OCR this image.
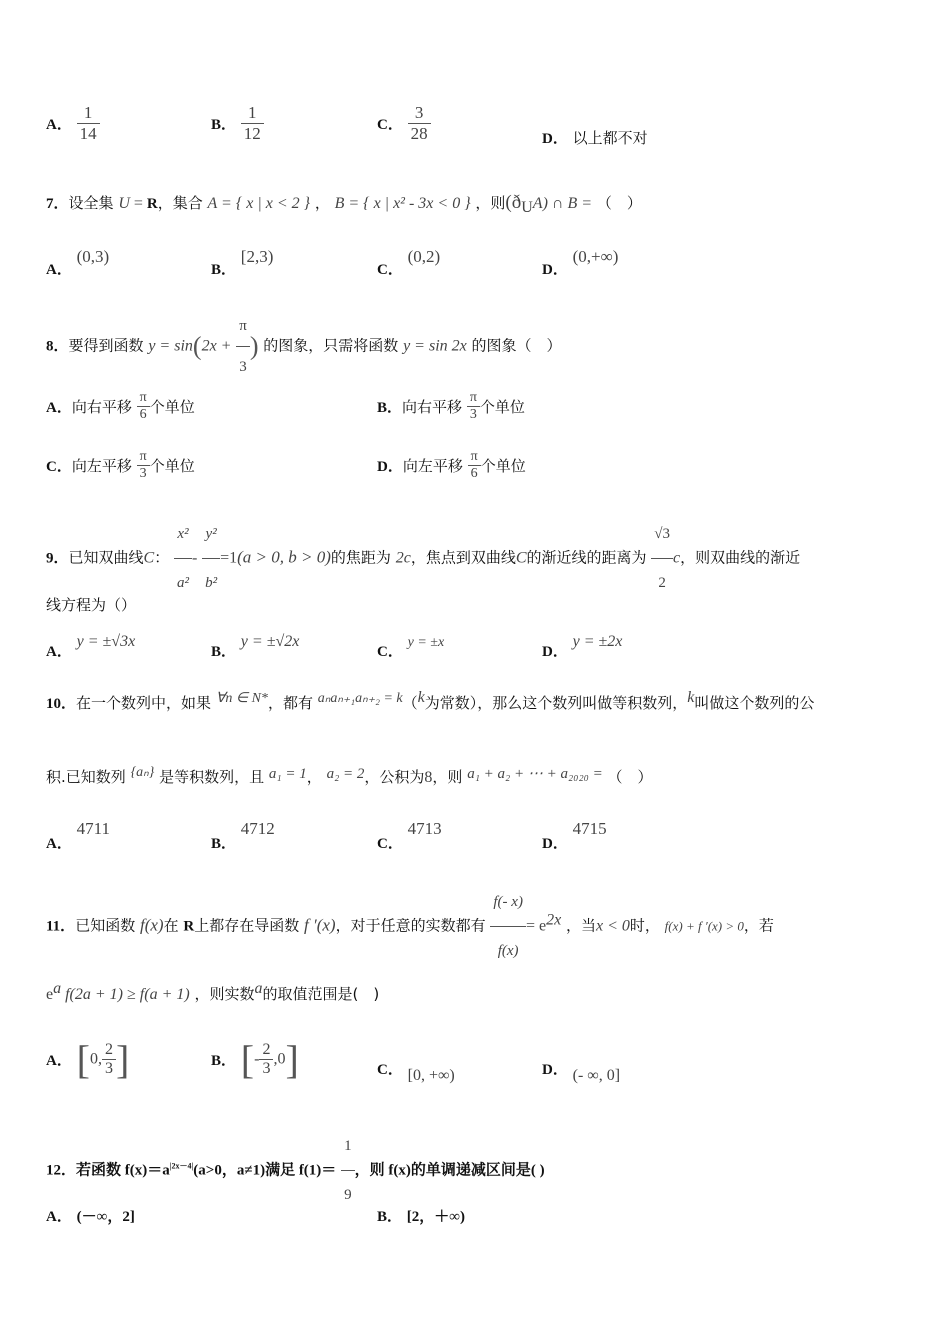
A． $\frac{1}{14}$	B． $\frac{1}{12}$	C． $\frac{3}{28}$	D． 以上都不对
7．设全集 U = R，集合 A = { x | x < 2 } ， B = { x | x² - 3x < 0 } ，则$(ð_UA)$ ∩ B = （　）
A． (0,3)
B． [2,3)
C． (0,2)
D． (0,+∞)
8．要得到函数 $y = \sin(2x + \frac{\pi}{3}$ ) 的图象，只需将函数 y = sin 2x 的图象（　）
A．向右平移 $\frac{\pi}{6}$ 个单位	B．向右平移 $\frac{\pi}{3}$ 个单位
C．向左平移 $\frac{\pi}{3}$ 个单位	D．向左平移 $\frac{\pi}{6}$ 个单位
9．已知双曲线C： $\frac{\text{x²}}{\text{a²}} - \frac{\text{y²}}{\text{b²}} =1(a > 0$, b > 0)的焦距为 2c，焦点到双曲线C的渐近线的距离为 $\frac{√3}{2}$ c，则双曲线的渐近
线方程为（）
A． y = ±√3x
B． y = ±√2x
C． y = ±x
D． y = ±2x
10．在一个数列中，如果 ∀n ∈ N*，都有 aₙaₙ₊₁aₙ₊₂ = k（k为常数），那么这个数列叫做等积数列，k叫做这个数列的公
积.已知数列 {aₙ} 是等积数列，且 a₁ = 1， a₂ = 2，公积为8，则 a₁ + a₂ + ⋯ + a₂₀₂₀ = （　）
A． 4711
B． 4712
C． 4713
D． 4715
11．已知函数 f(x)在 R上都存在导函数 f ′(x)，对于任意的实数都有 $\frac{f(- x)}{f(x)} = e^{2x}$ ，当x < 0时， f(x) + f ′(x) > 0，若
$e^a$ f(2a + 1) ≥ f(a + 1) ，则实数a的取值范围是(　)
A． [0, $\frac{2}{3}$ ]	B． [- $\frac{2}{3} ,0$]	C． [0, +∞)	D． (- ∞, 0]
12．若函数 $f(x)=a^{|2x-4|}(a>0$，a≠1)满足 $f(1)= \frac{1}{9}$ ，则 f(x)的单调递减区间是( )
A． (－∞，2]	B． [2，＋∞)
